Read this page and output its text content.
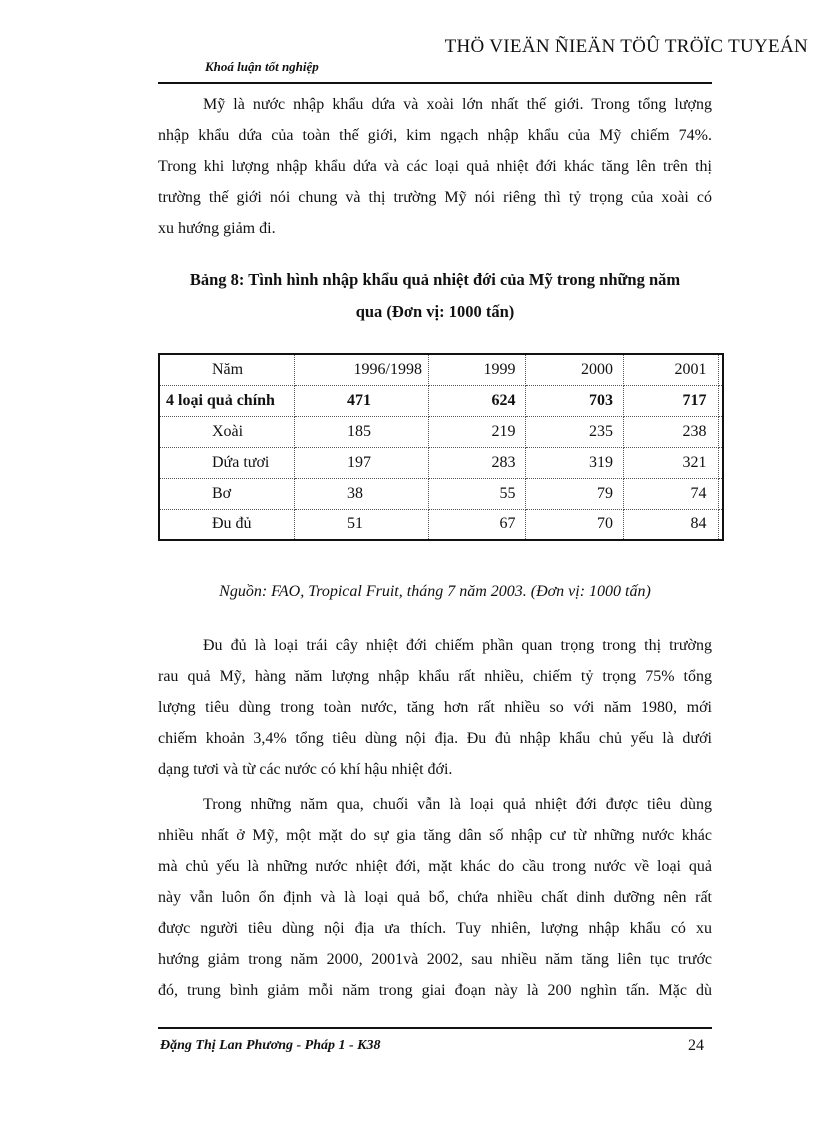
THÖ VIEÄN ÑIEÄN TÖÛ TRÖÏC TUYEÁN
Khoá luận tốt nghiệp

Mỹ là nước nhập khẩu dứa và xoài lớn nhất thế giới. Trong tổng lượng
nhập khẩu dứa của toàn thế giới, kim ngạch nhập khẩu của Mỹ chiếm 74%.
Trong khi lượng nhập khẩu dứa và các loại quả nhiệt đới khác tăng lên trên thị
trường thế giới nói chung và thị trường Mỹ nói riêng thì tỷ trọng của xoài có
xu hướng giảm đi.

Bảng 8: Tình hình nhập khẩu quả nhiệt đới của Mỹ trong những năm
qua (Đơn vị: 1000 tấn)

Năm	1996/1998	1999	2000	2001	
4 loại quả chính	471	624	703	717	
Xoài	185	219	235	238	
Dứa tươi	197	283	319	321	
Bơ	38	55	79	74	
Đu đủ	51	67	70	84	
Nguồn: FAO, Tropical Fruit, tháng 7 năm 2003. (Đơn vị: 1000 tấn)

Đu đủ là loại trái cây nhiệt đới chiếm phần quan trọng trong thị trường
rau quả Mỹ, hàng năm lượng nhập khẩu rất nhiều, chiếm tỷ trọng 75% tổng
lượng tiêu dùng trong toàn nước, tăng hơn rất nhiều so với năm 1980, mới
chiếm khoản 3,4% tổng tiêu dùng nội địa. Đu đủ nhập khẩu chủ yếu là dưới
dạng tươi và từ các nước có khí hậu nhiệt đới.

Trong những năm qua, chuối vẫn là loại quả nhiệt đới được tiêu dùng
nhiều nhất ở Mỹ, một mặt do sự gia tăng dân số nhập cư từ những nước khác
mà chủ yếu là những nước nhiệt đới, mặt khác do cầu trong nước về loại quả
này vẫn luôn ổn định và là loại quả bổ, chứa nhiều chất dinh dưỡng nên rất
được người tiêu dùng nội địa ưa thích. Tuy nhiên, lượng nhập khẩu có xu
hướng giảm trong năm 2000, 2001và 2002, sau nhiều năm tăng liên tục trước
đó, trung bình giảm mỗi năm trong giai đoạn này là 200 nghìn tấn. Mặc dù

Đặng Thị Lan Phương - Pháp 1 - K38	24
